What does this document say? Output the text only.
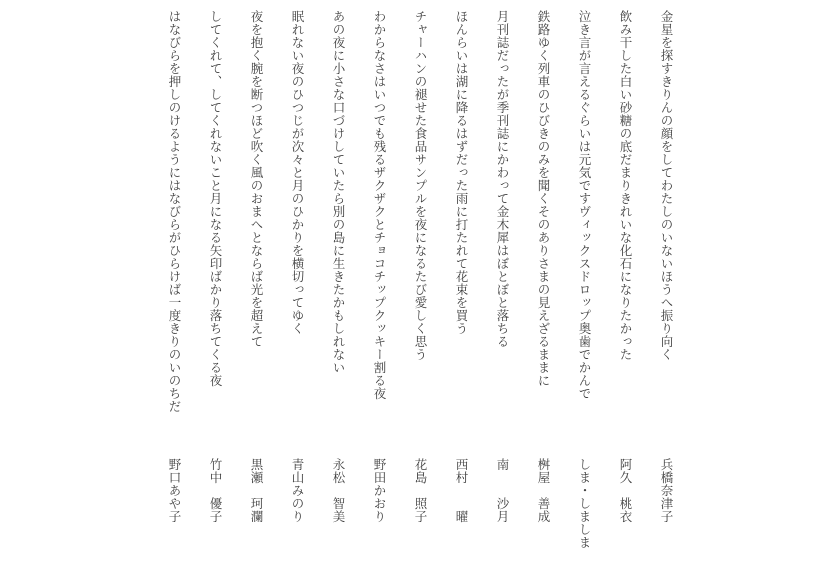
金星を探すきりんの顔をしてわたしのいないほうへ振り向く
兵橋奈津子
飲み干した白い砂糖の底だまりきれいな化石になりたかった
阿久　桃衣
泣き言が言えるぐらいは元気ですヴィックスドロップ奥歯でかんで
しま・しましま
鉄路ゆく列車のひびきのみを聞くそのありさまの見えざるままに
桝屋　善成
月刊誌だったが季刊誌にかわって金木犀はぼとぼと落ちる
南　　沙月
ほんらいは湖に降るはずだった雨に打たれて花束を買う
西村　　曜
チャーハンの褪せた食品サンプルを夜になるたび愛しく思う
花島　照子
わからなさはいつでも残るザクザクとチョコチップクッキー割る夜
野田かおり
あの夜に小さな口づけしていたら別の島に生きたかもしれない
永松　智美
眠れない夜のひつじが次々と月のひかりを横切ってゆく
青山みのり
夜を抱く腕を断つほど吹く風のおまへとならば光を超えて
黒瀬　珂瀾
してくれて、してくれないこと月になる矢印ばかり落ちてくる夜
竹中　優子
はなびらを押しのけるようにはなびらがひらけば一度きりのいのちだ
野口あや子
